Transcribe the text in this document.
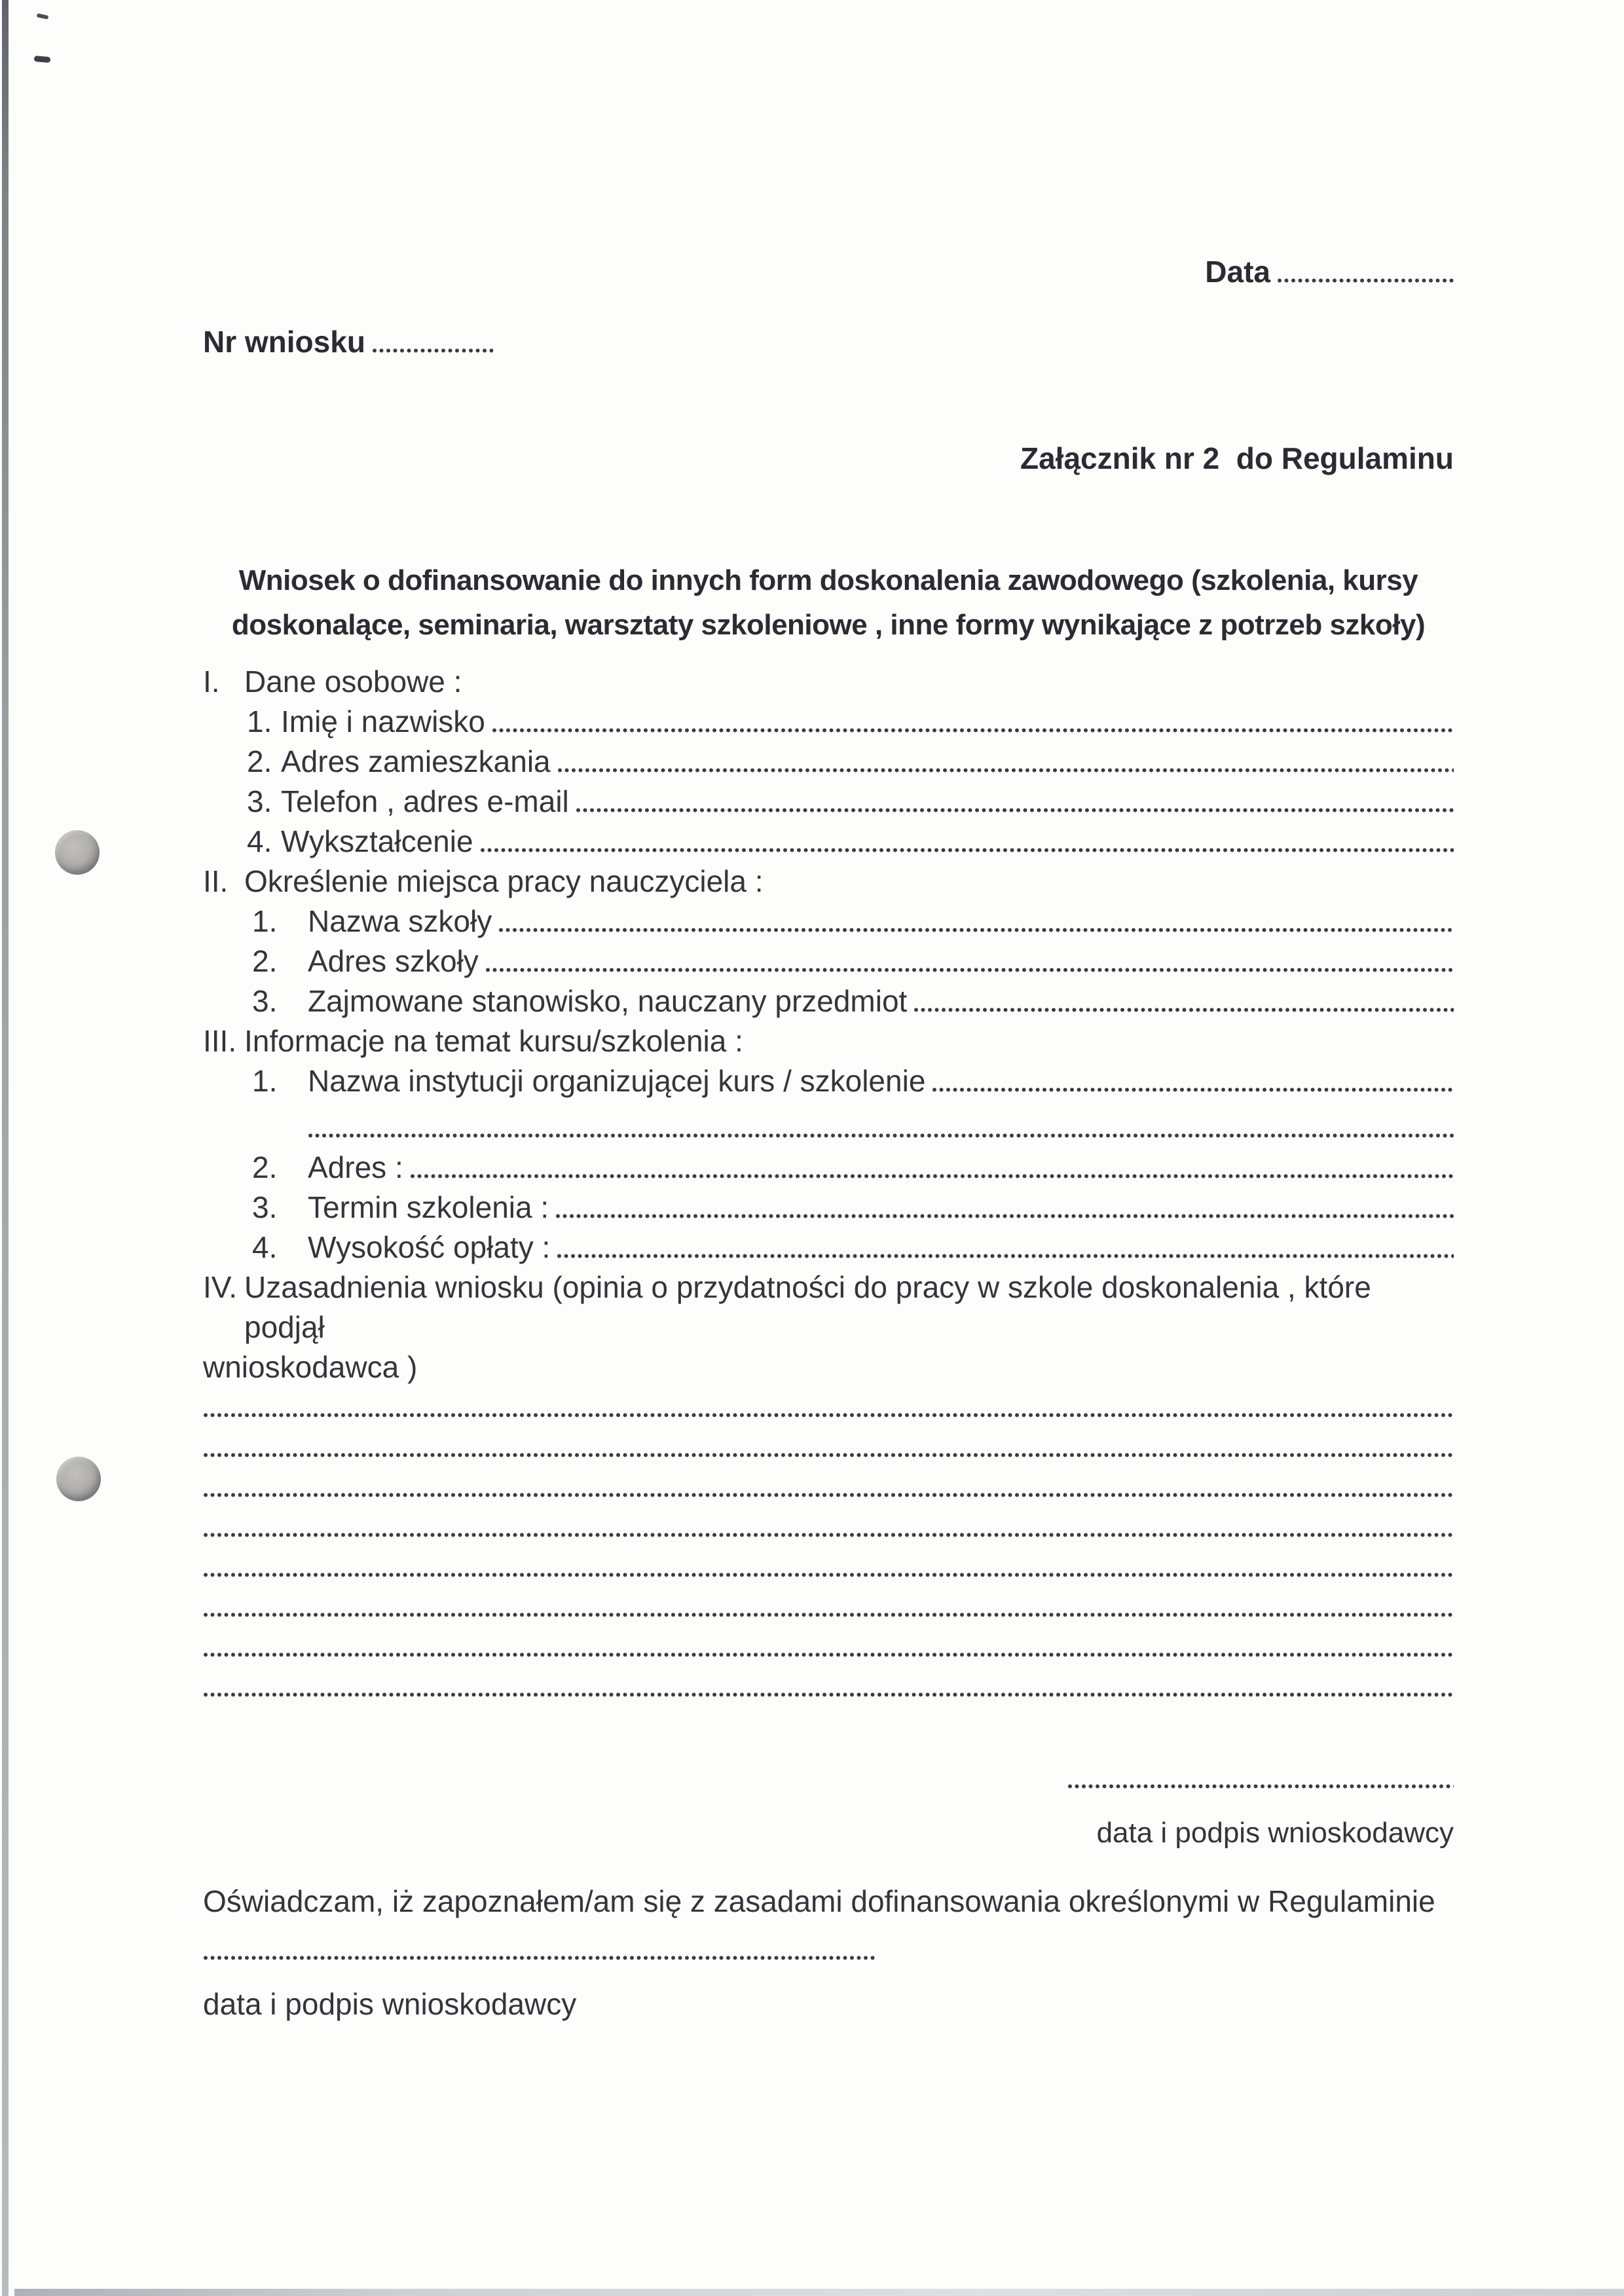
Data
Nr wniosku
Załącznik nr 2  do Regulaminu
Wniosek o dofinansowanie do innych form doskonalenia zawodowego (szkolenia, kursy
doskonalące, seminaria, warsztaty szkoleniowe , inne formy wynikające z potrzeb szkoły)
I. Dane osobowe :
1. Imię i nazwisko
2. Adres zamieszkania
3. Telefon , adres e-mail
4. Wykształcenie
II. Określenie miejsca pracy nauczyciela :
1.	Nazwa szkoły
2.	Adres szkoły
3.	Zajmowane stanowisko, nauczany przedmiot
III. Informacje na temat kursu/szkolenia :
1.	Nazwa instytucji organizującej kurs / szkolenie
2.	Adres :
3.	Termin szkolenia :
4.	Wysokość opłaty :
IV. Uzasadnienia wniosku (opinia o przydatności do pracy w szkole doskonalenia , które podjął
wnioskodawca )
data i podpis wnioskodawcy
Oświadczam, iż zapoznałem/am się z zasadami dofinansowania określonymi w Regulaminie
data i podpis wnioskodawcy
